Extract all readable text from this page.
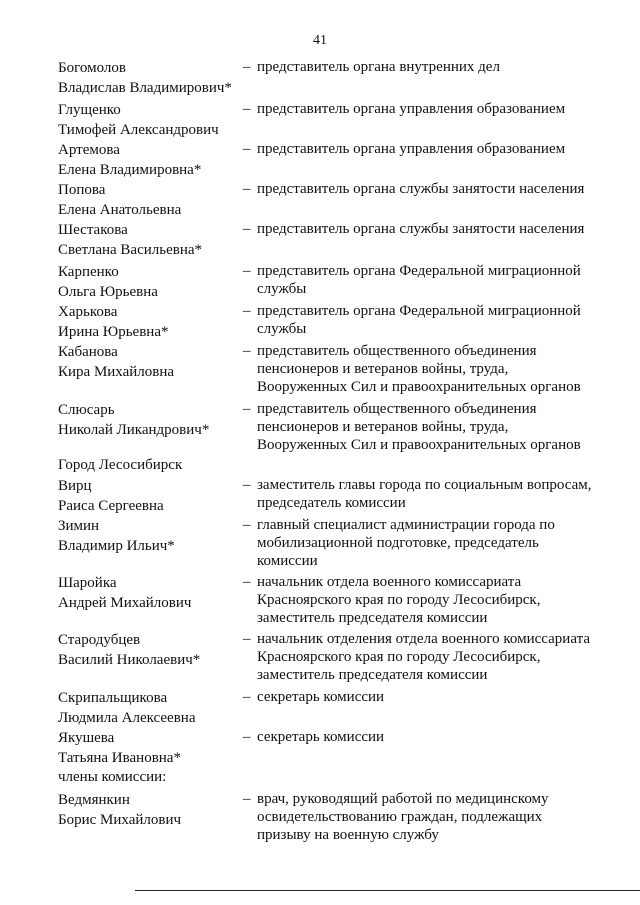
41
Богомолов
Владислав Владимирович*
– представитель органа внутренних дел
Глущенко
Тимофей Александрович
– представитель органа управления образованием
Артемова
Елена Владимировна*
– представитель органа управления образованием
Попова
Елена Анатольевна
– представитель органа службы занятости населения
Шестакова
Светлана Васильевна*
– представитель органа службы занятости населения
Карпенко
Ольга Юрьевна
– представитель органа Федеральной миграционной
службы
Харькова
Ирина Юрьевна*
– представитель органа Федеральной миграционной
службы
Кабанова
Кира Михайловна
– представитель общественного объединения
пенсионеров и ветеранов войны, труда,
Вооруженных Сил и правоохранительных органов
Слюсарь
Николай Ликандрович*
– представитель общественного объединения
пенсионеров и ветеранов войны, труда,
Вооруженных Сил и правоохранительных органов
Город Лесосибирск
Вирц
Раиса Сергеевна
– заместитель главы города по социальным вопросам,
председатель комиссии
Зимин
Владимир Ильич*
– главный специалист администрации города по
мобилизационной подготовке, председатель
комиссии
Шаройка
Андрей Михайлович
– начальник отдела военного комиссариата
Красноярского края по городу Лесосибирск,
заместитель председателя комиссии
Стародубцев
Василий Николаевич*
– начальник отделения отдела военного комиссариата
Красноярского края по городу Лесосибирск,
заместитель председателя комиссии
Скрипальщикова
Людмила Алексеевна
– секретарь комиссии
Якушева
Татьяна Ивановна*
– секретарь комиссии
члены комиссии:
Ведмянкин
Борис Михайлович
– врач, руководящий работой по медицинскому
освидетельствованию граждан, подлежащих
призыву на военную службу
